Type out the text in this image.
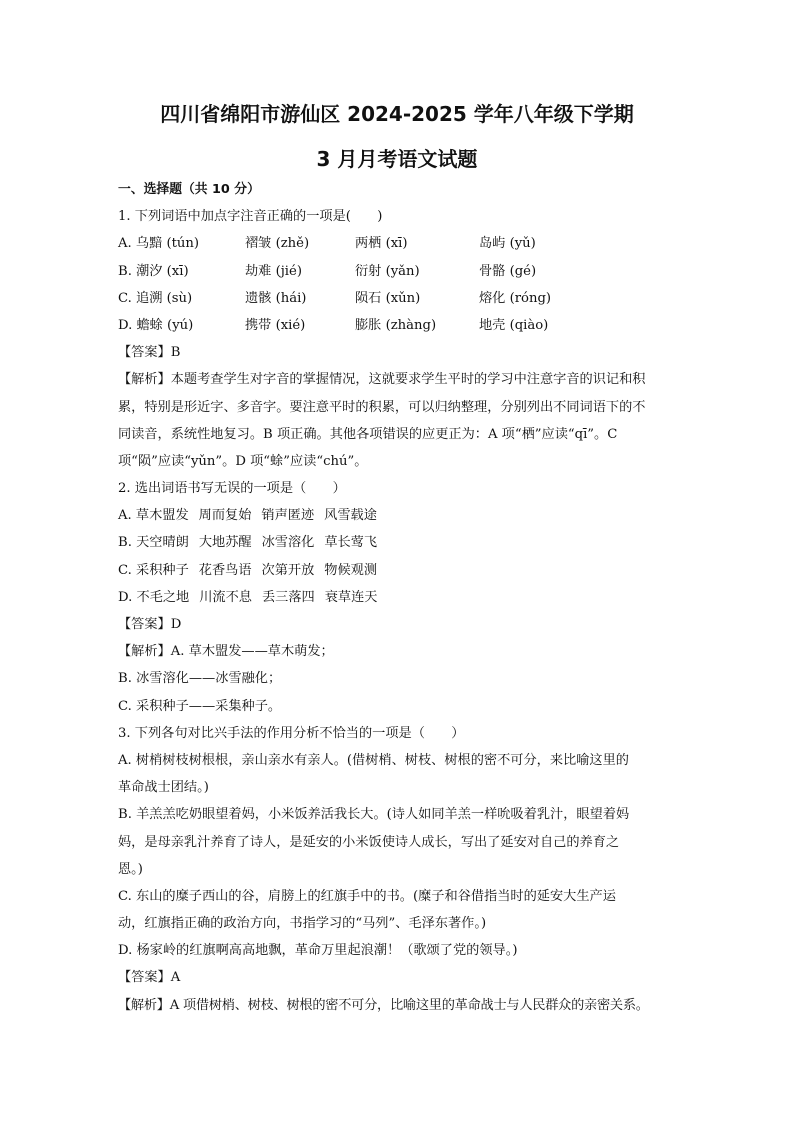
四川省绵阳市游仙区 2024-2025 学年八年级下学期
3 月月考语文试题
一、选择题（共 10 分）
1. 下列词语中加点字注音正确的一项是(　　)
A. 乌黯 (tún)	褶皱 (zhě)	两栖 (xī)	岛屿 (yǔ)
B. 潮汐 (xī)	劫难 (jié)	衍射 (yǎn)	骨骼 (gé)
C. 追溯 (sù)	遗骸 (hái)	陨石 (xǔn)	熔化 (róng)
D. 蟾蜍 (yú)	携带 (xié)	膨胀 (zhàng)	地壳 (qiào)
【答案】B
【解析】本题考查学生对字音的掌握情况，这就要求学生平时的学习中注意字音的识记和积
累，特别是形近字、多音字。要注意平时的积累，可以归纳整理，分别列出不同词语下的不
同读音，系统性地复习。B 项正确。其他各项错误的应更正为：A 项“栖”应读“qī”。C
项“陨”应读“yǔn”。D 项“蜍”应读“chú”。
2. 选出词语书写无误的一项是（　　）
A. 草木盟发 周而复始 销声匿迹 风雪载途
B. 天空晴朗 大地苏醒 冰雪溶化 草长莺飞
C. 采积种子 花香鸟语 次第开放 物候观测
D. 不毛之地 川流不息 丢三落四 衰草连天
【答案】D
【解析】A. 草木盟发——草木萌发；
B. 冰雪溶化——冰雪融化；
C. 采积种子——采集种子。
3. 下列各句对比兴手法的作用分析不恰当的一项是（　　）
A. 树梢树枝树根根，亲山亲水有亲人。(借树梢、树枝、树根的密不可分，来比喻这里的
革命战士团结。)
B. 羊羔羔吃奶眼望着妈，小米饭养活我长大。(诗人如同羊羔一样吮吸着乳汁，眼望着妈
妈，是母亲乳汁养育了诗人，是延安的小米饭使诗人成长，写出了延安对自己的养育之
恩。)
C. 东山的糜子西山的谷，肩膀上的红旗手中的书。(糜子和谷借指当时的延安大生产运
动，红旗指正确的政治方向，书指学习的“马列”、毛泽东著作。)
D. 杨家岭的红旗啊高高地飘，革命万里起浪潮！（歌颂了党的领导。)
【答案】A
【解析】A 项借树梢、树枝、树根的密不可分，比喻这里的革命战士与人民群众的亲密关系。
